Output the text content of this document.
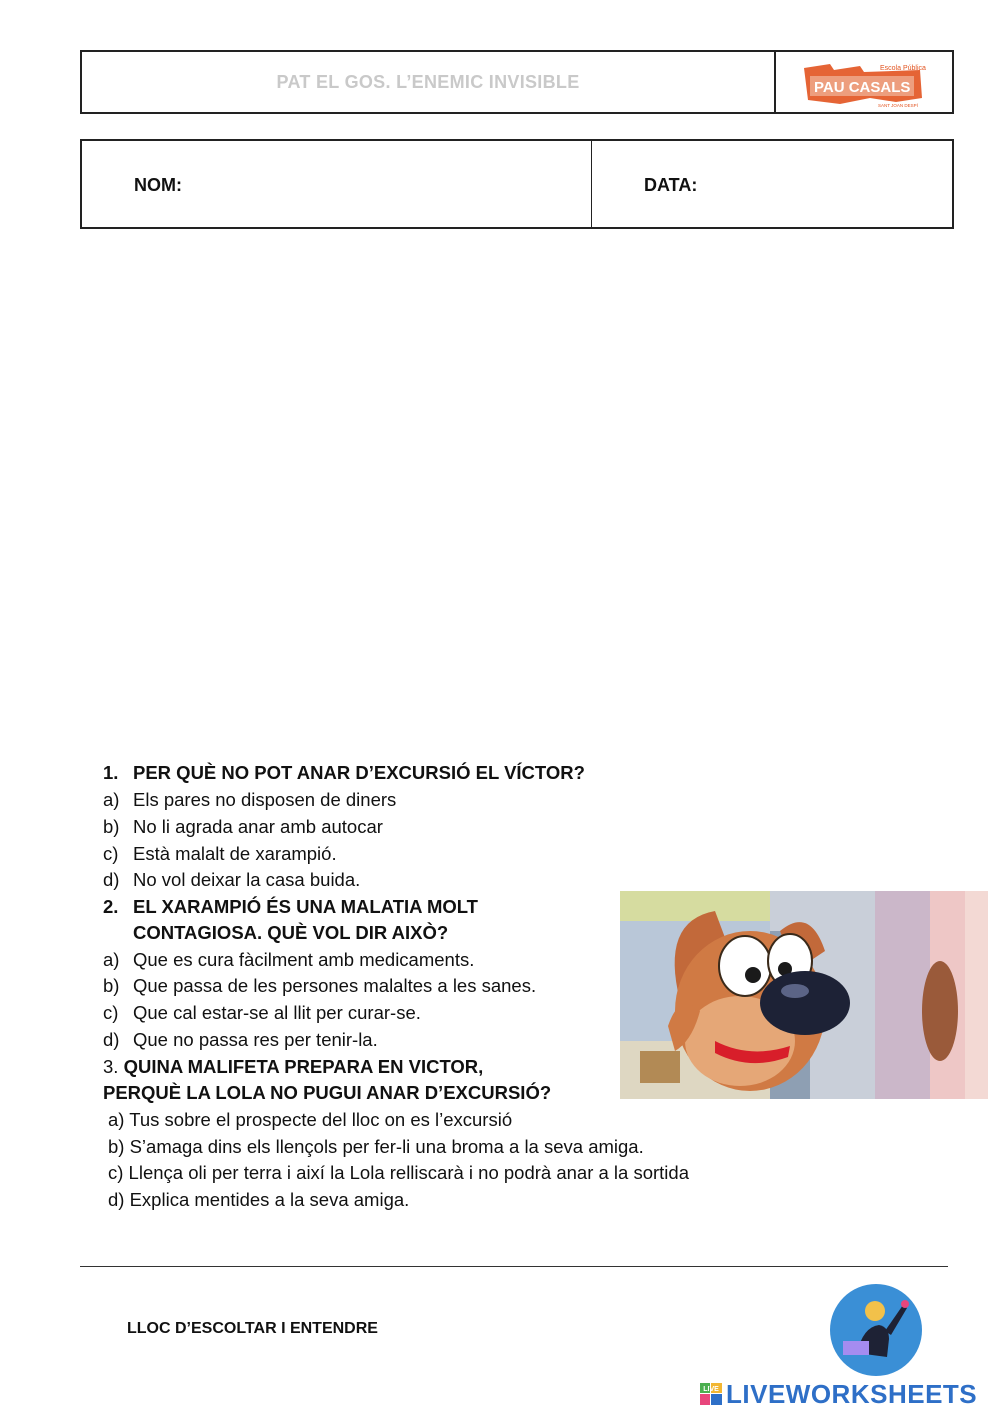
PAT EL GOS. L’ENEMIC INVISIBLE
Escola Pública
PAU CASALS
SANT JOAN DESPÍ
NOM:	DATA:
1. PER QUÈ NO POT ANAR D’EXCURSIÓ EL VÍCTOR?
a) Els pares no disposen de diners
b) No li agrada anar amb autocar
c) Està malalt de xarampió.
d) No vol deixar la casa buida.
2. EL XARAMPIÓ ÉS UNA MALATIA MOLT
CONTAGIOSA. QUÈ VOL DIR AIXÒ?
a) Que es cura fàcilment amb medicaments.
b) Que passa de les persones malaltes a les sanes.
c) Que cal estar-se al llit per curar-se.
d) Que no passa res per tenir-la.
3. QUINA MALIFETA PREPARA EN VICTOR,
PERQUÈ LA LOLA NO PUGUI ANAR D’EXCURSIÓ?
a) Tus sobre el prospecte del lloc on es l’excursió
b) S’amaga dins els llençols per fer-li una broma a la seva amiga.
c) Llença oli per terra i així la Lola relliscarà i no podrà anar a la sortida
d) Explica mentides a la seva amiga.
LLOC D’ESCOLTAR I ENTENDRE
LIVE LIVEWORKSHEETS
